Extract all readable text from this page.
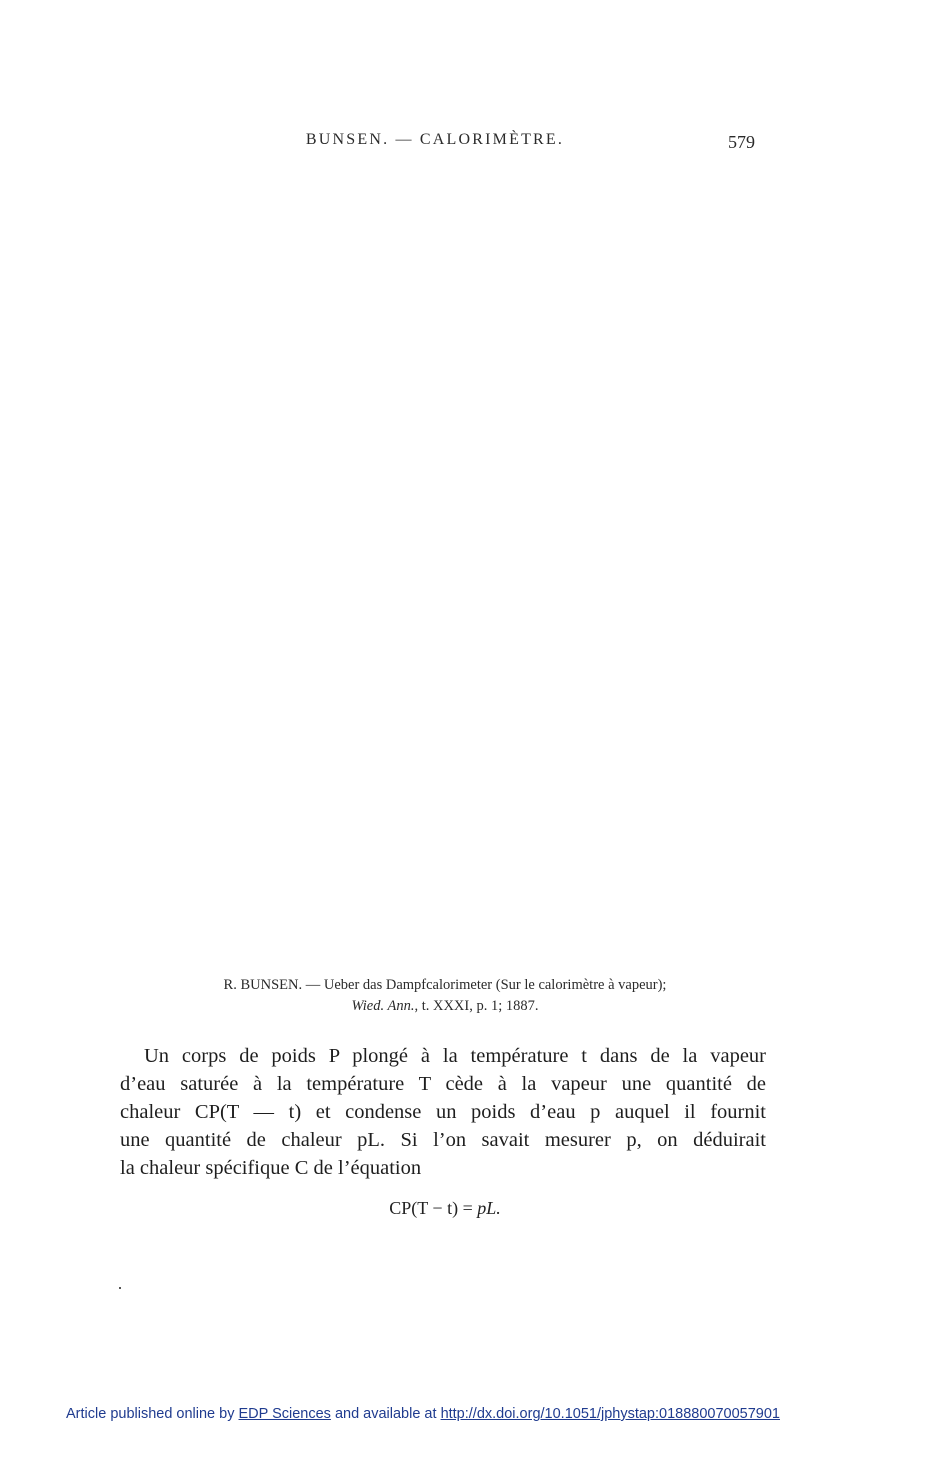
BUNSEN. — CALORIMÈTRE.	579
R. BUNSEN. — Ueber das Dampfcalorimeter (Sur le calorimètre à vapeur);
Wied. Ann., t. XXXI, p. 1; 1887.
Un corps de poids P plongé à la température t dans de la vapeur
d’eau saturée à la température T cède à la vapeur une quantité de
chaleur CP(T — t) et condense un poids d’eau p auquel il fournit
une quantité de chaleur pL. Si l’on savait mesurer p, on déduirait
la chaleur spécifique C de l’équation
CP(T − t) = pL.
Article published online by EDP Sciences and available at http://dx.doi.org/10.1051/jphystap:018880070057901
